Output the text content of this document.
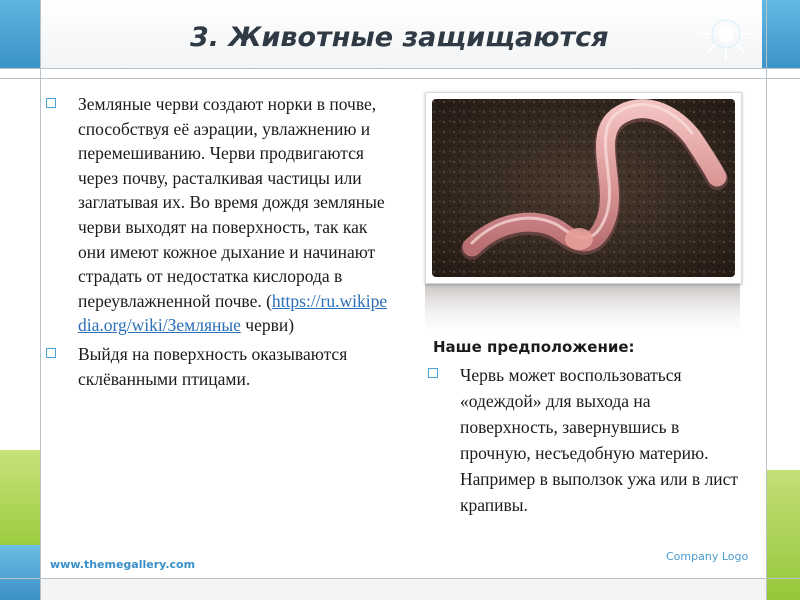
3. Животные защищаются
Земляные черви создают норки в почве, способствуя её аэрации, увлажнению и перемешиванию. Черви продвигаются через почву, расталкивая частицы или заглатывая их. Во время дождя земляные черви выходят на поверхность, так как они имеют кожное дыхание и начинают страдать от недостатка кислорода в переувлажненной почве. (https://ru.wikipedia.org/wiki/Земляные черви)
Выйдя на поверхность оказываются склёванными птицами.
Наше предположение:
Червь может воспользоваться «одеждой» для выхода на поверхность, завернувшись в прочную, несъедобную материю. Например в выползок ужа или в лист крапивы.
Company Logo
www.themegallery.com
